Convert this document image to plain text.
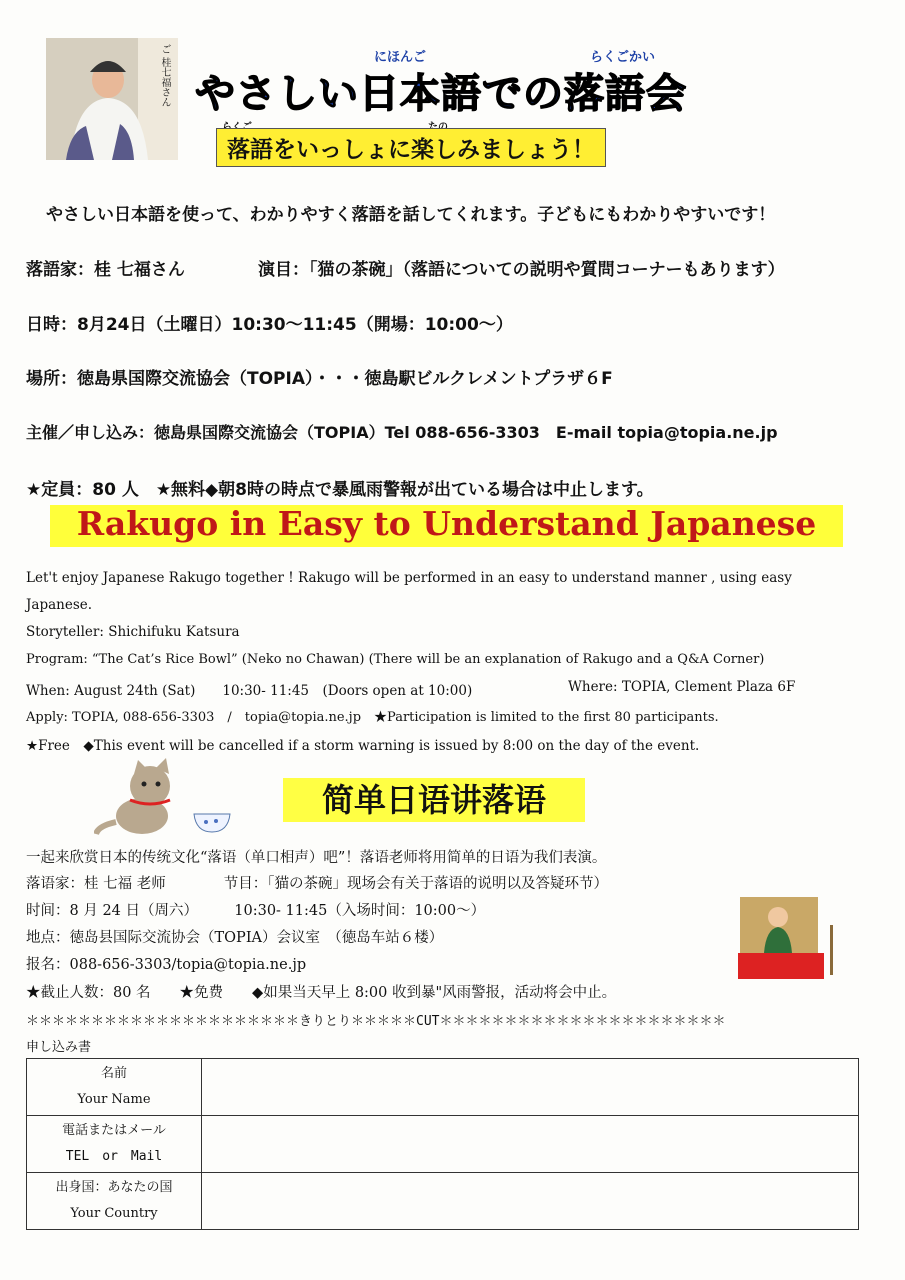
ご 桂七福さん	にほんご	らくごかい
やさしい日本語での落語会
落語をいっしょに楽しみましょう！
やさしい日本語を使って、わかりやすく落語を話してくれます。子どもにもわかりやすいです！
落語家：桂 七福さん	演目：「猫の茶碗」（落語についての説明や質問コーナーもあります）
日時：8月24日（土曜日）10:30～11:45（開場：10:00～）
場所：徳島県国際交流協会（TOPIA）・・・徳島駅ビルクレメントプラザ６F
主催／申し込み：徳島県国際交流協会（TOPIA）Tel 088-656-3303　E-mail topia@topia.ne.jp
★定員：80 人　★無料◆朝8時の時点で暴風雨警報が出ている場合は中止します。
Rakugo in Easy to Understand Japanese
Let't enjoy Japanese Rakugo together ! Rakugo will be performed in an easy to understand manner , using easy
Japanese.
Storyteller: Shichifuku Katsura
Program: “The Cat’s Rice Bowl” (Neko no Chawan) (There will be an explanation of Rakugo and a Q&A Corner)
When: August 24th (Sat)　　10:30- 11:45　(Doors open at 10:00)	Where: TOPIA, Clement Plaza 6F
Apply: TOPIA, 088-656-3303　/　topia@topia.ne.jp　★Participation is limited to the first 80 participants.
★Free　◆This event will be cancelled if a storm warning is issued by 8:00 on the day of the event.
简单日语讲落语
一起来欣赏日本的传统文化“落语（单口相声）吧”！落语老师将用简单的日语为我们表演。
落语家：桂 七福 老师　　　　节目：「猫の茶碗」现场会有关于落语的说明以及答疑环节）
时间：8 月 24 日（周六）　　　10:30- 11:45（入场时间：10:00～）
地点：徳岛县国际交流协会（TOPIA）会议室　（徳岛车站６楼）
报名：088-656-3303/topia@topia.ne.jp
★截止人数：80 名　　★免费　　◆如果当天早上 8:00 收到暴"风雨警报，活动将会中止。
＊＊＊＊＊＊＊＊＊＊＊＊＊＊＊＊＊＊＊＊＊きりとり＊＊＊＊＊CUT＊＊＊＊＊＊＊＊＊＊＊＊＊＊＊＊＊＊＊＊＊＊
申し込み書
名前
Your Name

電話またはメール
TEL　or　Mail

出身国：あなたの国
Your Country
